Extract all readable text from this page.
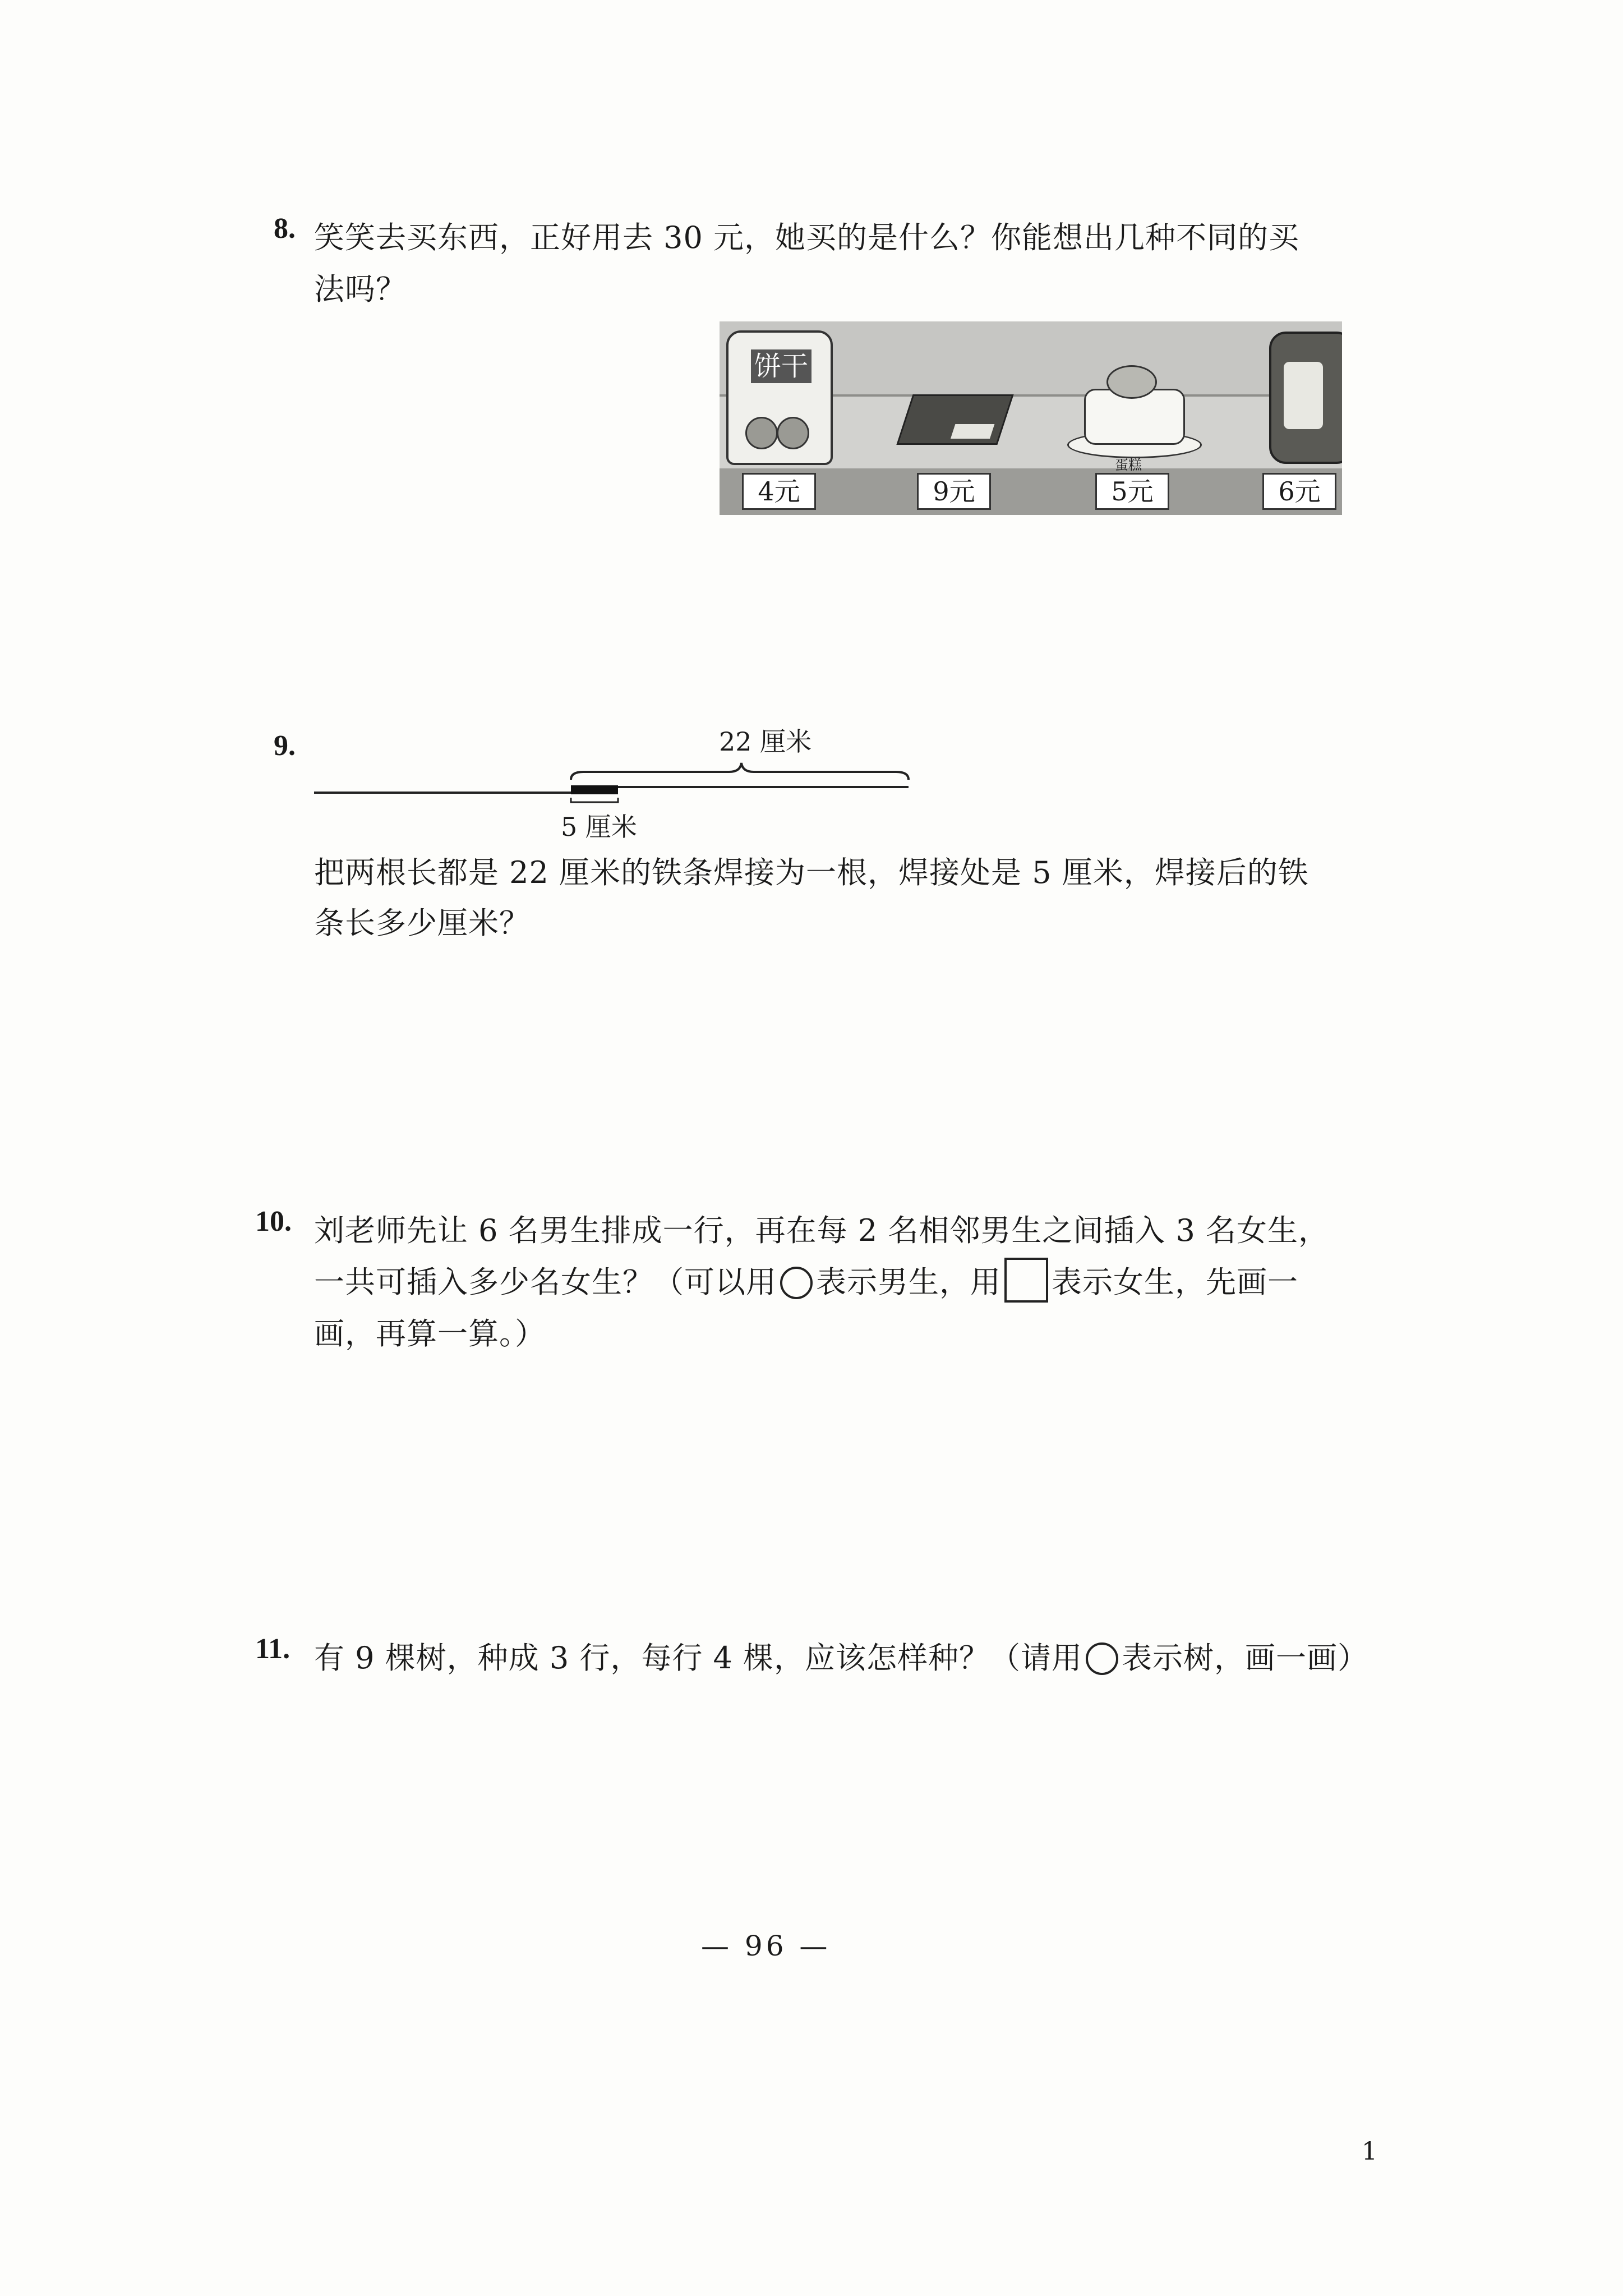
8. 笑笑去买东西，正好用去 30 元，她买的是什么？你能想出几种不同的买
法吗？
饼干
蛋糕
4元	9元	5元	6元
9.	22 厘米
5 厘米
把两根长都是 22 厘米的铁条焊接为一根，焊接处是 5 厘米，焊接后的铁
条长多少厘米？
10. 刘老师先让 6 名男生排成一行，再在每 2 名相邻男生之间插入 3 名女生，
一共可插入多少名女生？（可以用 表示男生，用 表示女生，先画一
画，再算一算。）
11. 有 9 棵树，种成 3 行，每行 4 棵，应该怎样种？（请用 表示树，画一画）
— 96 —
1
